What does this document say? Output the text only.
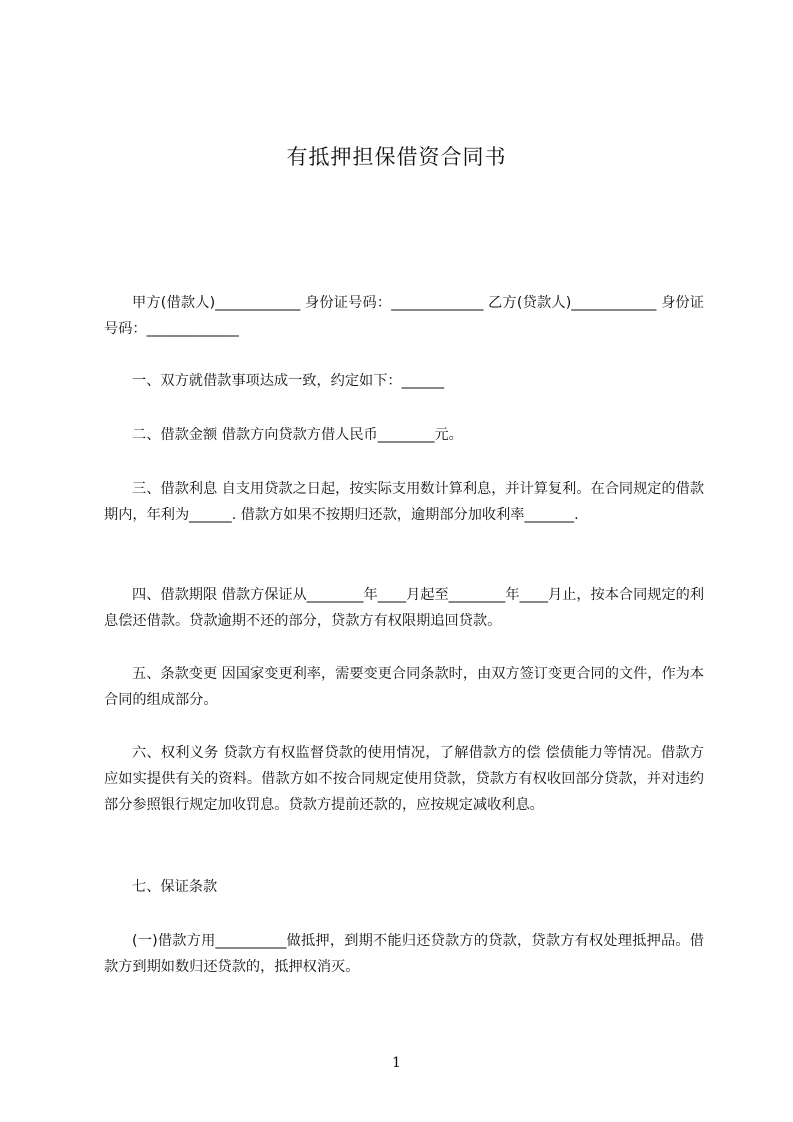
有抵押担保借资合同书
甲方(借款人)____________ 身份证号码：_____________ 乙方(贷款人)____________ 身份证号码：_____________
一、双方就借款事项达成一致，约定如下：______
二、借款金额 借款方向贷款方借人民币________元。
三、借款利息 自支用贷款之日起，按实际支用数计算利息，并计算复利。在合同规定的借款期内，年利为______. 借款方如果不按期归还款，逾期部分加收利率_______.
四、借款期限 借款方保证从________年____月起至________年____月止，按本合同规定的利息偿还借款。贷款逾期不还的部分，贷款方有权限期追回贷款。
五、条款变更 因国家变更利率，需要变更合同条款时，由双方签订变更合同的文件，作为本合同的组成部分。
六、权利义务 贷款方有权监督贷款的使用情况，了解借款方的偿 偿债能力等情况。借款方应如实提供有关的资料。借款方如不按合同规定使用贷款，贷款方有权收回部分贷款，并对违约部分参照银行规定加收罚息。贷款方提前还款的，应按规定减收利息。
七、保证条款
(一)借款方用__________做抵押，到期不能归还贷款方的贷款，贷款方有权处理抵押品。借款方到期如数归还贷款的，抵押权消灭。
1
